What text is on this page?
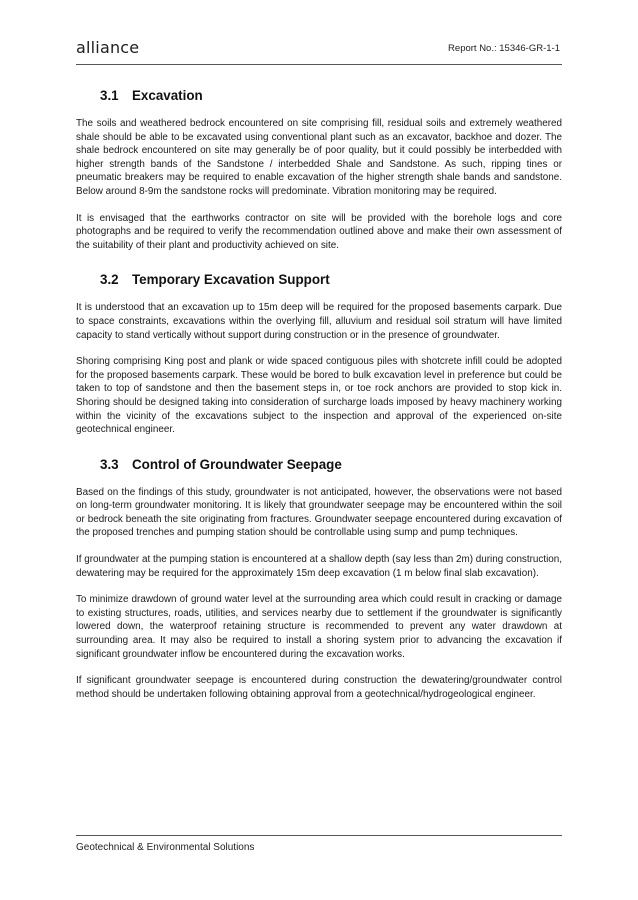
alliance	Report No.: 15346-GR-1-1
3.1 Excavation

The soils and weathered bedrock encountered on site comprising fill, residual soils and extremely weathered shale should be able to be excavated using conventional plant such as an excavator, backhoe and dozer. The shale bedrock encountered on site may generally be of poor quality, but it could possibly be interbedded with higher strength bands of the Sandstone / interbedded Shale and Sandstone. As such, ripping tines or pneumatic breakers may be required to enable excavation of the higher strength shale bands and sandstone. Below around 8-9m the sandstone rocks will predominate. Vibration monitoring may be required.

It is envisaged that the earthworks contractor on site will be provided with the borehole logs and core photographs and be required to verify the recommendation outlined above and make their own assessment of the suitability of their plant and productivity achieved on site.

3.2 Temporary Excavation Support

It is understood that an excavation up to 15m deep will be required for the proposed basements carpark. Due to space constraints, excavations within the overlying fill, alluvium and residual soil stratum will have limited capacity to stand vertically without support during construction or in the presence of groundwater.

Shoring comprising King post and plank or wide spaced contiguous piles with shotcrete infill could be adopted for the proposed basements carpark. These would be bored to bulk excavation level in preference but could be taken to top of sandstone and then the basement steps in, or toe rock anchors are provided to stop kick in. Shoring should be designed taking into consideration of surcharge loads imposed by heavy machinery working within the vicinity of the excavations subject to the inspection and approval of the experienced on-site geotechnical engineer.

3.3 Control of Groundwater Seepage

Based on the findings of this study, groundwater is not anticipated, however, the observations were not based on long-term groundwater monitoring. It is likely that groundwater seepage may be encountered within the soil or bedrock beneath the site originating from fractures. Groundwater seepage encountered during excavation of the proposed trenches and pumping station should be controllable using sump and pump techniques.

If groundwater at the pumping station is encountered at a shallow depth (say less than 2m) during construction, dewatering may be required for the approximately 15m deep excavation (1 m below final slab excavation).

To minimize drawdown of ground water level at the surrounding area which could result in cracking or damage to existing structures, roads, utilities, and services nearby due to settlement if the groundwater is significantly lowered down, the waterproof retaining structure is recommended to prevent any water drawdown at surrounding area. It may also be required to install a shoring system prior to advancing the excavation if significant groundwater inflow be encountered during the excavation works.

If significant groundwater seepage is encountered during construction the dewatering/groundwater control method should be undertaken following obtaining approval from a geotechnical/hydrogeological engineer.

Geotechnical & Environmental Solutions
